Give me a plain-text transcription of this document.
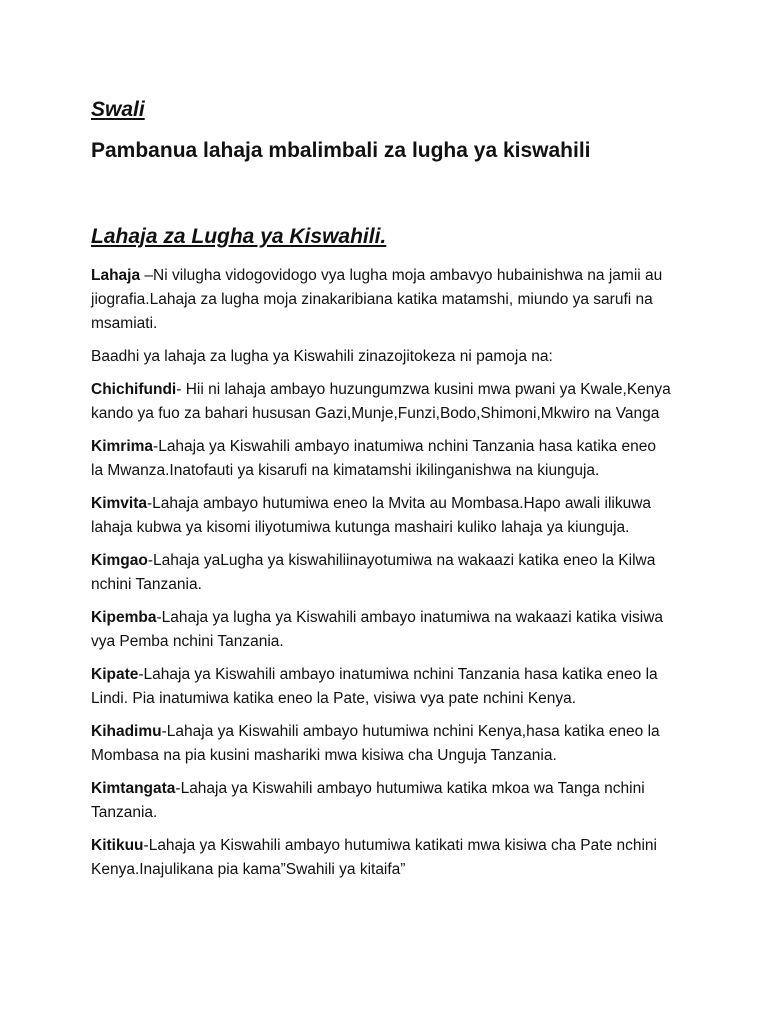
Swali
Pambanua lahaja mbalimbali za lugha ya kiswahili
Lahaja za Lugha ya Kiswahili.

Lahaja –Ni vilugha vidogovidogo vya lugha moja ambavyo hubainishwa na jamii au jiografia.Lahaja za lugha moja zinakaribiana katika matamshi, miundo ya sarufi na msamiati.

Baadhi ya lahaja za lugha ya Kiswahili zinazojitokeza ni pamoja na:

Chichifundi- Hii ni lahaja ambayo huzungumzwa kusini mwa pwani ya Kwale,Kenya kando ya fuo za bahari hususan Gazi,Munje,Funzi,Bodo,Shimoni,Mkwiro na Vanga

Kimrima-Lahaja ya Kiswahili ambayo inatumiwa nchini Tanzania hasa katika eneo la Mwanza.Inatofauti ya kisarufi na kimatamshi ikilinganishwa na kiunguja.

Kimvita-Lahaja ambayo hutumiwa eneo la Mvita au Mombasa.Hapo awali ilikuwa lahaja kubwa ya kisomi iliyotumiwa kutunga mashairi kuliko lahaja ya kiunguja.

Kimgao-Lahaja yaLugha ya kiswahiliinayotumiwa na wakaazi katika eneo la Kilwa nchini Tanzania.

Kipemba-Lahaja ya lugha ya Kiswahili ambayo inatumiwa na wakaazi katika visiwa vya Pemba nchini Tanzania.

Kipate-Lahaja ya Kiswahili ambayo inatumiwa nchini Tanzania hasa katika eneo la Lindi. Pia inatumiwa katika eneo la Pate, visiwa vya pate nchini Kenya.

Kihadimu-Lahaja ya Kiswahili ambayo hutumiwa nchini Kenya,hasa katika eneo la Mombasa na pia kusini mashariki mwa kisiwa cha Unguja Tanzania.

Kimtangata-Lahaja ya Kiswahili ambayo hutumiwa katika mkoa wa Tanga nchini Tanzania.

Kitikuu-Lahaja ya Kiswahili ambayo hutumiwa katikati mwa kisiwa cha Pate nchini Kenya.Inajulikana pia kama”Swahili ya kitaifa”
